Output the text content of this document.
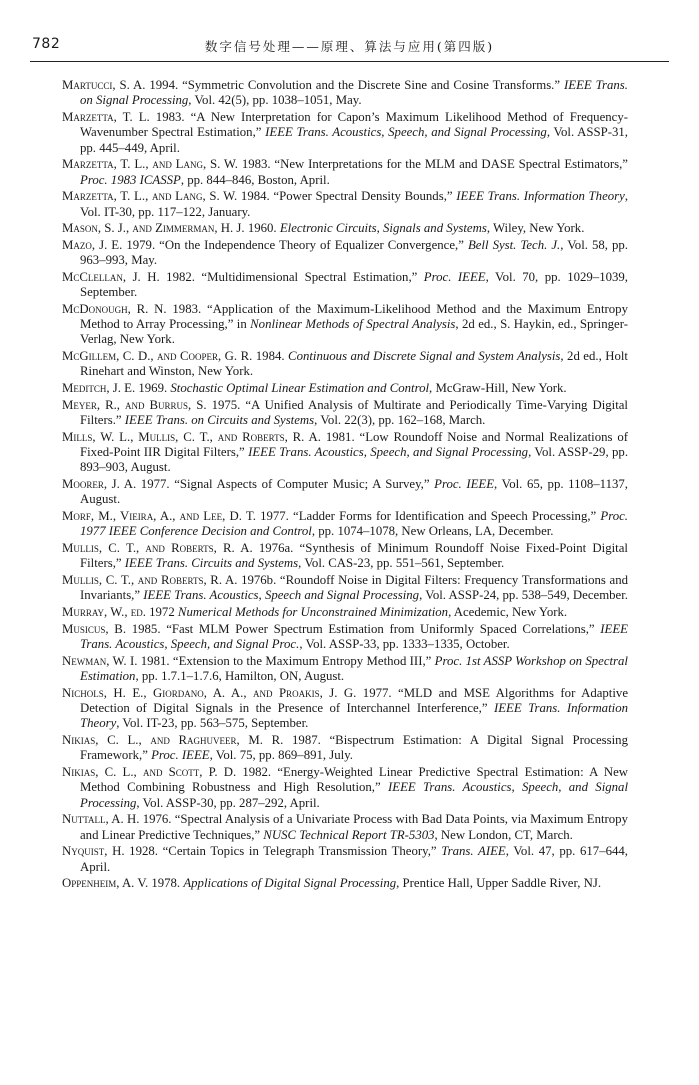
782	数字信号处理——原理、算法与应用(第四版)
Martucci, S. A. 1994. “Symmetric Convolution and the Discrete Sine and Cosine Transforms.” IEEE Trans. on Signal Processing, Vol. 42(5), pp. 1038–1051, May.
Marzetta, T. L. 1983. “A New Interpretation for Capon’s Maximum Likelihood Method of Frequency-Wavenumber Spectral Estimation,” IEEE Trans. Acoustics, Speech, and Signal Processing, Vol. ASSP-31, pp. 445–449, April.
Marzetta, T. L., and Lang, S. W. 1983. “New Interpretations for the MLM and DASE Spectral Estimators,” Proc. 1983 ICASSP, pp. 844–846, Boston, April.
Marzetta, T. L., and Lang, S. W. 1984. “Power Spectral Density Bounds,” IEEE Trans. Information Theory, Vol. IT-30, pp. 117–122, January.
Mason, S. J., and Zimmerman, H. J. 1960. Electronic Circuits, Signals and Systems, Wiley, New York.
Mazo, J. E. 1979. “On the Independence Theory of Equalizer Convergence,” Bell Syst. Tech. J., Vol. 58, pp. 963–993, May.
McClellan, J. H. 1982. “Multidimensional Spectral Estimation,” Proc. IEEE, Vol. 70, pp. 1029–1039, September.
McDonough, R. N. 1983. “Application of the Maximum-Likelihood Method and the Maximum Entropy Method to Array Processing,” in Nonlinear Methods of Spectral Analysis, 2d ed., S. Haykin, ed., Springer-Verlag, New York.
McGillem, C. D., and Cooper, G. R. 1984. Continuous and Discrete Signal and System Analysis, 2d ed., Holt Rinehart and Winston, New York.
Meditch, J. E. 1969. Stochastic Optimal Linear Estimation and Control, McGraw-Hill, New York.
Meyer, R., and Burrus, S. 1975. “A Unified Analysis of Multirate and Periodically Time-Varying Digital Filters.” IEEE Trans. on Circuits and Systems, Vol. 22(3), pp. 162–168, March.
Mills, W. L., Mullis, C. T., and Roberts, R. A. 1981. “Low Roundoff Noise and Normal Realizations of Fixed-Point IIR Digital Filters,” IEEE Trans. Acoustics, Speech, and Signal Processing, Vol. ASSP-29, pp. 893–903, August.
Moorer, J. A. 1977. “Signal Aspects of Computer Music; A Survey,” Proc. IEEE, Vol. 65, pp. 1108–1137, August.
Morf, M., Vieira, A., and Lee, D. T. 1977. “Ladder Forms for Identification and Speech Processing,” Proc. 1977 IEEE Conference Decision and Control, pp. 1074–1078, New Orleans, LA, December.
Mullis, C. T., and Roberts, R. A. 1976a. “Synthesis of Minimum Roundoff Noise Fixed-Point Digital Filters,” IEEE Trans. Circuits and Systems, Vol. CAS-23, pp. 551–561, September.
Mullis, C. T., and Roberts, R. A. 1976b. “Roundoff Noise in Digital Filters: Frequency Transformations and Invariants,” IEEE Trans. Acoustics, Speech and Signal Processing, Vol. ASSP-24, pp. 538–549, December.
Murray, W., ed. 1972 Numerical Methods for Unconstrained Minimization, Acedemic, New York.
Musicus, B. 1985. “Fast MLM Power Spectrum Estimation from Uniformly Spaced Correlations,” IEEE Trans. Acoustics, Speech, and Signal Proc., Vol. ASSP-33, pp. 1333–1335, October.
Newman, W. I. 1981. “Extension to the Maximum Entropy Method III,” Proc. 1st ASSP Workshop on Spectral Estimation, pp. 1.7.1–1.7.6, Hamilton, ON, August.
Nichols, H. E., Giordano, A. A., and Proakis, J. G. 1977. “MLD and MSE Algorithms for Adaptive Detection of Digital Signals in the Presence of Interchannel Interference,” IEEE Trans. Information Theory, Vol. IT-23, pp. 563–575, September.
Nikias, C. L., and Raghuveer, M. R. 1987. “Bispectrum Estimation: A Digital Signal Processing Framework,” Proc. IEEE, Vol. 75, pp. 869–891, July.
Nikias, C. L., and Scott, P. D. 1982. “Energy-Weighted Linear Predictive Spectral Estimation: A New Method Combining Robustness and High Resolution,” IEEE Trans. Acoustics, Speech, and Signal Processing, Vol. ASSP-30, pp. 287–292, April.
Nuttall, A. H. 1976. “Spectral Analysis of a Univariate Process with Bad Data Points, via Maximum Entropy and Linear Predictive Techniques,” NUSC Technical Report TR-5303, New London, CT, March.
Nyquist, H. 1928. “Certain Topics in Telegraph Transmission Theory,” Trans. AIEE, Vol. 47, pp. 617–644, April.
Oppenheim, A. V. 1978. Applications of Digital Signal Processing, Prentice Hall, Upper Saddle River, NJ.
